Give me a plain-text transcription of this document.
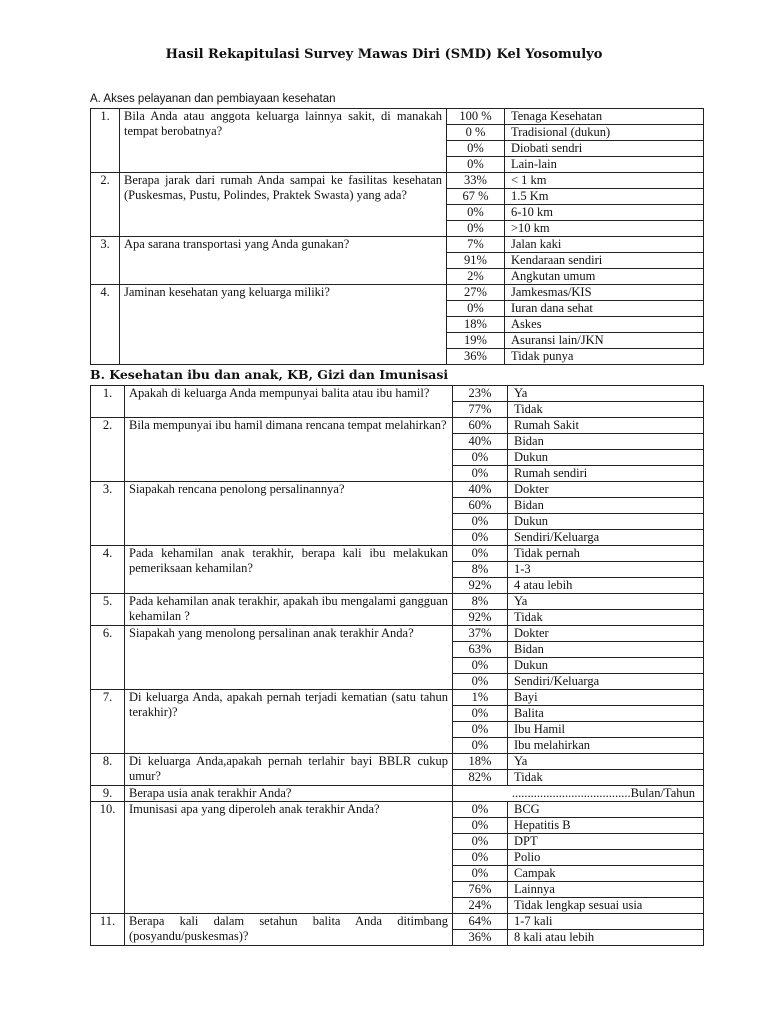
Hasil Rekapitulasi Survey Mawas Diri (SMD) Kel Yosomulyo
A. Akses pelayanan dan pembiayaan kesehatan
1.	Bila Anda atau anggota keluarga lainnya sakit, di manakah tempat berobatnya?	100 %	Tenaga Kesehatan
		0 %	Tradisional (dukun)
		0%	Diobati sendri
		0%	Lain-lain
2.	Berapa jarak dari rumah Anda sampai ke fasilitas kesehatan (Puskesmas, Pustu, Polindes, Praktek Swasta) yang ada?	33%	< 1 km
		67 %	1.5 Km
		0%	6-10 km
		0%	>10 km
3.	Apa sarana transportasi yang Anda gunakan?	7%	Jalan kaki
		91%	Kendaraan sendiri
		2%	Angkutan umum
4.	Jaminan kesehatan yang keluarga miliki?	27%	Jamkesmas/KIS
		0%	Iuran dana sehat
		18%	Askes
		19%	Asuransi lain/JKN
		36%	Tidak punya
B. Kesehatan ibu dan anak, KB, Gizi dan Imunisasi
1.	Apakah di keluarga Anda mempunyai balita atau ibu hamil?	23%	Ya
		77%	Tidak
2.	Bila mempunyai ibu hamil dimana rencana tempat melahirkan?	60%	Rumah Sakit
		40%	Bidan
		0%	Dukun
		0%	Rumah sendiri
3.	Siapakah rencana penolong persalinannya?	40%	Dokter
		60%	Bidan
		0%	Dukun
		0%	Sendiri/Keluarga
4.	Pada kehamilan anak terakhir, berapa kali ibu melakukan pemeriksaan kehamilan?	0%	Tidak pernah
		8%	1-3
		92%	4 atau lebih
5.	Pada kehamilan anak terakhir, apakah ibu mengalami gangguan kehamilan ?	8%	Ya
		92%	Tidak
6.	Siapakah yang menolong persalinan anak terakhir Anda?	37%	Dokter
		63%	Bidan
		0%	Dukun
		0%	Sendiri/Keluarga
7.	Di keluarga Anda, apakah pernah terjadi kematian (satu tahun terakhir)?	1%	Bayi
		0%	Balita
		0%	Ibu Hamil
		0%	Ibu melahirkan
8.	Di keluarga Anda,apakah pernah terlahir bayi BBLR cukup umur?	18%	Ya
		82%	Tidak
9.	Berapa usia anak terakhir Anda?	......................................Bulan/Tahun	
10.	Imunisasi apa yang diperoleh anak terakhir Anda?	0%	BCG
		0%	Hepatitis B
		0%	DPT
		0%	Polio
		0%	Campak
		76%	Lainnya
		24%	Tidak lengkap sesuai usia
11.	Berapa kali dalam setahun balita Anda ditimbang (posyandu/puskesmas)?	64%	1-7 kali
		36%	8 kali atau lebih
